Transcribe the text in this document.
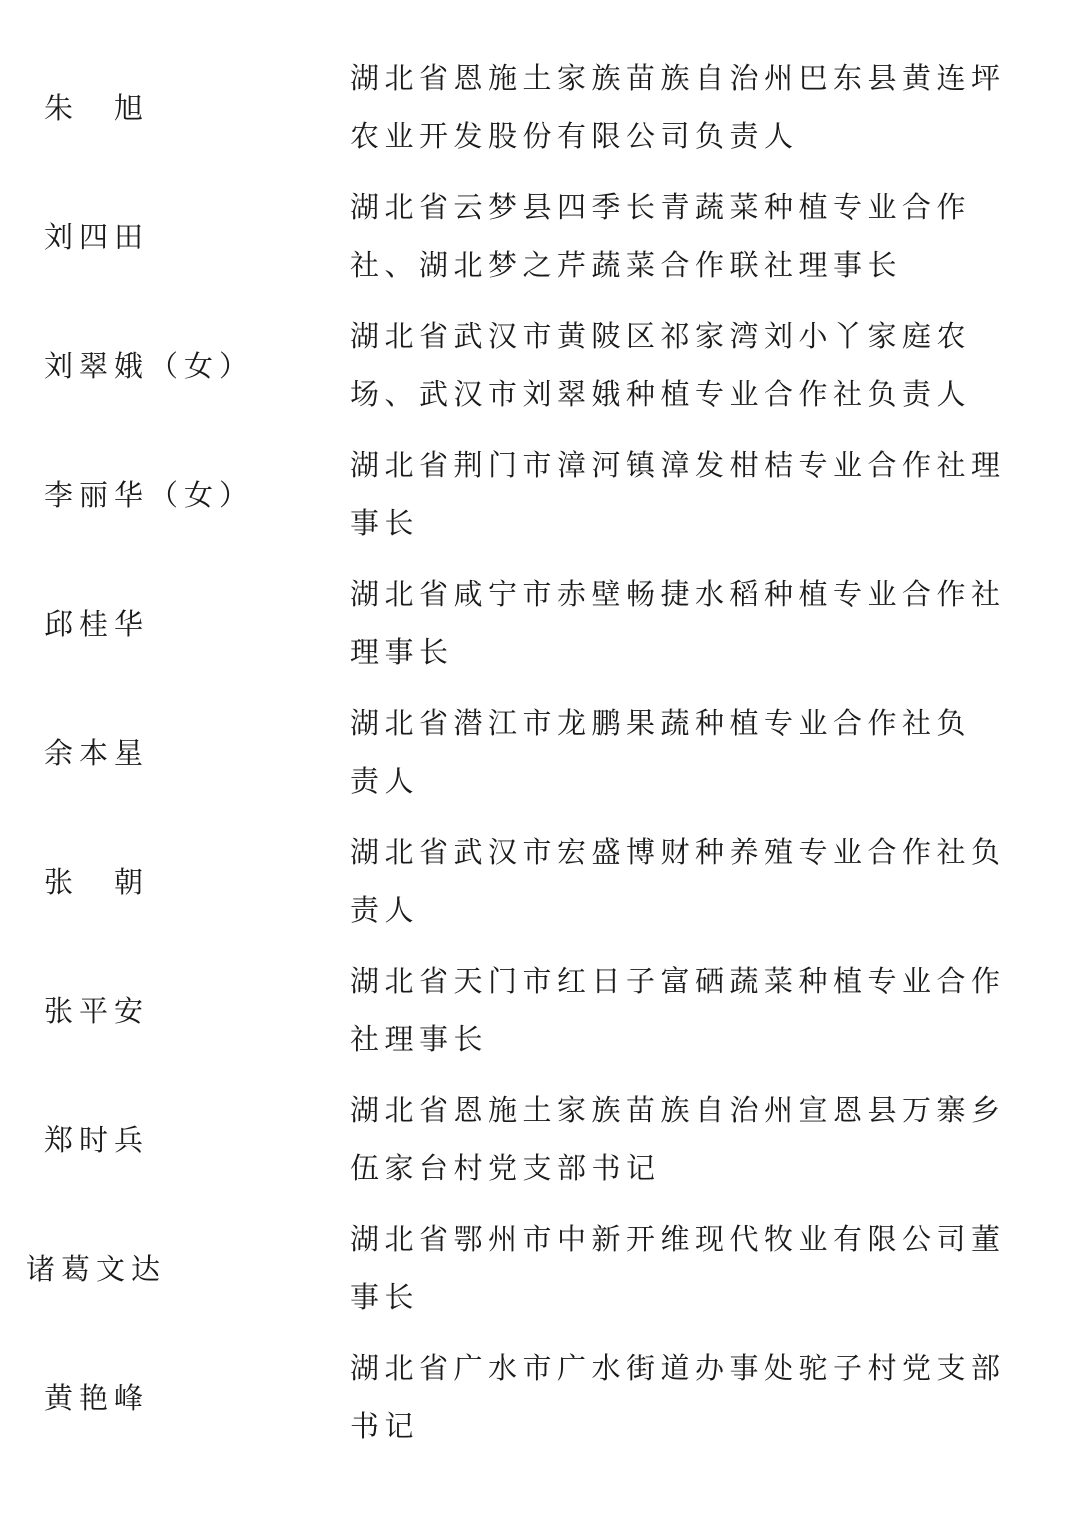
朱　旭
湖北省恩施土家族苗族自治州巴东县黄连坪
农业开发股份有限公司负责人
刘四田
湖北省云梦县四季长青蔬菜种植专业合作
社、湖北梦之芹蔬菜合作联社理事长
刘翠娥（女）
湖北省武汉市黄陂区祁家湾刘小丫家庭农
场、武汉市刘翠娥种植专业合作社负责人
李丽华（女）
湖北省荆门市漳河镇漳发柑桔专业合作社理
事长
邱桂华
湖北省咸宁市赤壁畅捷水稻种植专业合作社
理事长
余本星
湖北省潜江市龙鹏果蔬种植专业合作社负
责人
张　朝
湖北省武汉市宏盛博财种养殖专业合作社负
责人
张平安
湖北省天门市红日子富硒蔬菜种植专业合作
社理事长
郑时兵
湖北省恩施土家族苗族自治州宣恩县万寨乡
伍家台村党支部书记
诸葛文达
湖北省鄂州市中新开维现代牧业有限公司董
事长
黄艳峰
湖北省广水市广水街道办事处驼子村党支部
书记
